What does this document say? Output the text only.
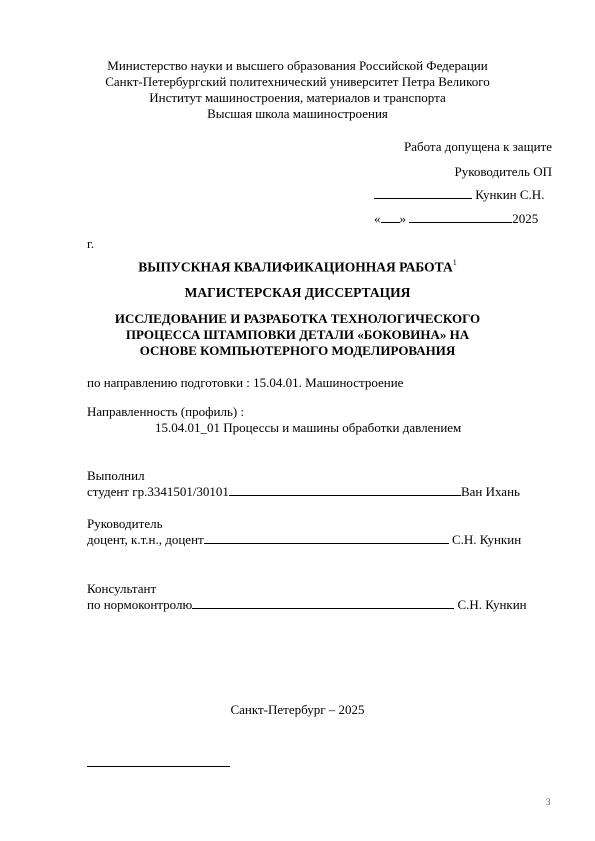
Министерство науки и высшего образования Российской Федерации
Санкт-Петербургский политехнический университет Петра Великого
Институт машиностроения, материалов и транспорта
Высшая школа машиностроения
Работа допущена к защите
Руководитель ОП
Кункин С.Н.
« »	2025
г.
ВЫПУСКНАЯ КВАЛИФИКАЦИОННАЯ РАБОТА$^1$
МАГИСТЕРСКАЯ ДИССЕРТАЦИЯ
ИССЛЕДОВАНИЕ И РАЗРАБОТКА ТЕХНОЛОГИЧЕСКОГО
ПРОЦЕССА ШТАМПОВКИ ДЕТАЛИ «БОКОВИНА» НА
ОСНОВЕ КОМПЬЮТЕРНОГО МОДЕЛИРОВАНИЯ
по направлению подготовки : 15.04.01. Машиностроение
Направленность (профиль) :
15.04.01_01 Процессы и машины обработки давлением
Выполнил
студент гр.3341501/30101	Ван Ихань
Руководитель
доцент, к.т.н., доцент	С.Н. Кункин
Консультант
по нормоконтролю	С.Н. Кункин
Санкт-Петербург – 2025
3
